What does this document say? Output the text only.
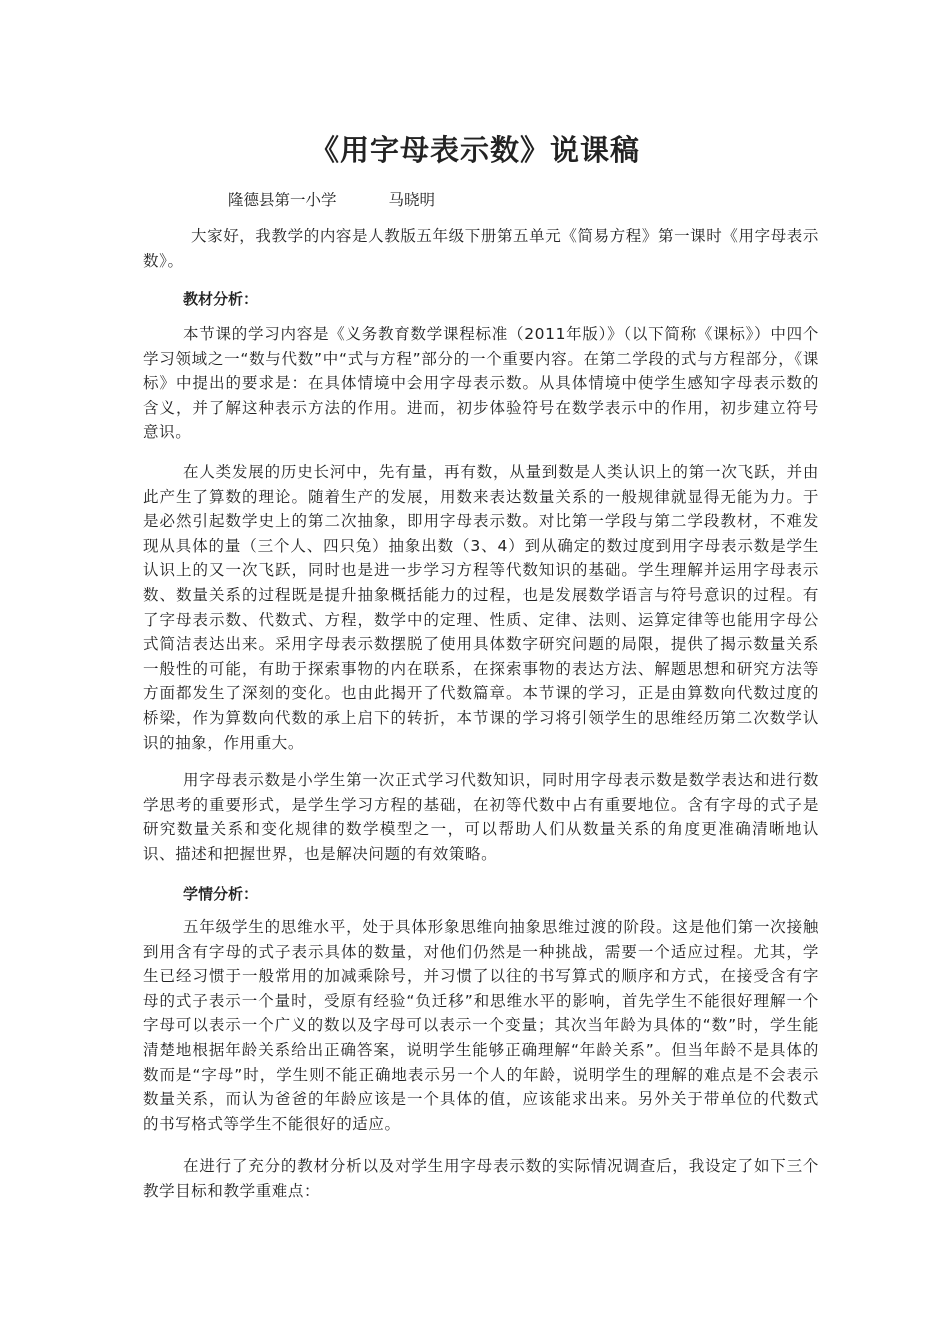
《用字母表示数》说课稿
隆德县第一小学	马晓明

大家好，我教学的内容是人教版五年级下册第五单元《简易方程》第一课时《用字母表示数》。

教材分析：

本节课的学习内容是《义务教育数学课程标准（2011年版）》（以下简称《课标》）中四个学习领域之一“数与代数”中“式与方程”部分的一个重要内容。在第二学段的式与方程部分，《课标》中提出的要求是：在具体情境中会用字母表示数。从具体情境中使学生感知字母表示数的含义，并了解这种表示方法的作用。进而，初步体验符号在数学表示中的作用，初步建立符号意识。

在人类发展的历史长河中，先有量，再有数，从量到数是人类认识上的第一次飞跃，并由此产生了算数的理论。随着生产的发展，用数来表达数量关系的一般规律就显得无能为力。于是必然引起数学史上的第二次抽象，即用字母表示数。对比第一学段与第二学段教材，不难发现从具体的量（三个人、四只兔）抽象出数（3、4）到从确定的数过度到用字母表示数是学生认识上的又一次飞跃，同时也是进一步学习方程等代数知识的基础。学生理解并运用字母表示数、数量关系的过程既是提升抽象概括能力的过程，也是发展数学语言与符号意识的过程。有了字母表示数、代数式、方程，数学中的定理、性质、定律、法则、运算定律等也能用字母公式简洁表达出来。采用字母表示数摆脱了使用具体数字研究问题的局限，提供了揭示数量关系一般性的可能，有助于探索事物的内在联系，在探索事物的表达方法、解题思想和研究方法等方面都发生了深刻的变化。也由此揭开了代数篇章。本节课的学习，正是由算数向代数过度的桥梁，作为算数向代数的承上启下的转折，本节课的学习将引领学生的思维经历第二次数学认识的抽象，作用重大。

用字母表示数是小学生第一次正式学习代数知识，同时用字母表示数是数学表达和进行数学思考的重要形式，是学生学习方程的基础，在初等代数中占有重要地位。含有字母的式子是研究数量关系和变化规律的数学模型之一，可以帮助人们从数量关系的角度更准确清晰地认识、描述和把握世界，也是解决问题的有效策略。

学情分析：

五年级学生的思维水平，处于具体形象思维向抽象思维过渡的阶段。这是他们第一次接触到用含有字母的式子表示具体的数量，对他们仍然是一种挑战，需要一个适应过程。尤其，学生已经习惯于一般常用的加减乘除号，并习惯了以往的书写算式的顺序和方式，在接受含有字母的式子表示一个量时，受原有经验“负迁移”和思维水平的影响，首先学生不能很好理解一个字母可以表示一个广义的数以及字母可以表示一个变量；其次当年龄为具体的“数”时，学生能清楚地根据年龄关系给出正确答案，说明学生能够正确理解“年龄关系”。但当年龄不是具体的数而是“字母”时，学生则不能正确地表示另一个人的年龄，说明学生的理解的难点是不会表示数量关系，而认为爸爸的年龄应该是一个具体的值，应该能求出来。另外关于带单位的代数式的书写格式等学生不能很好的适应。

在进行了充分的教材分析以及对学生用字母表示数的实际情况调查后，我设定了如下三个教学目标和教学重难点：
